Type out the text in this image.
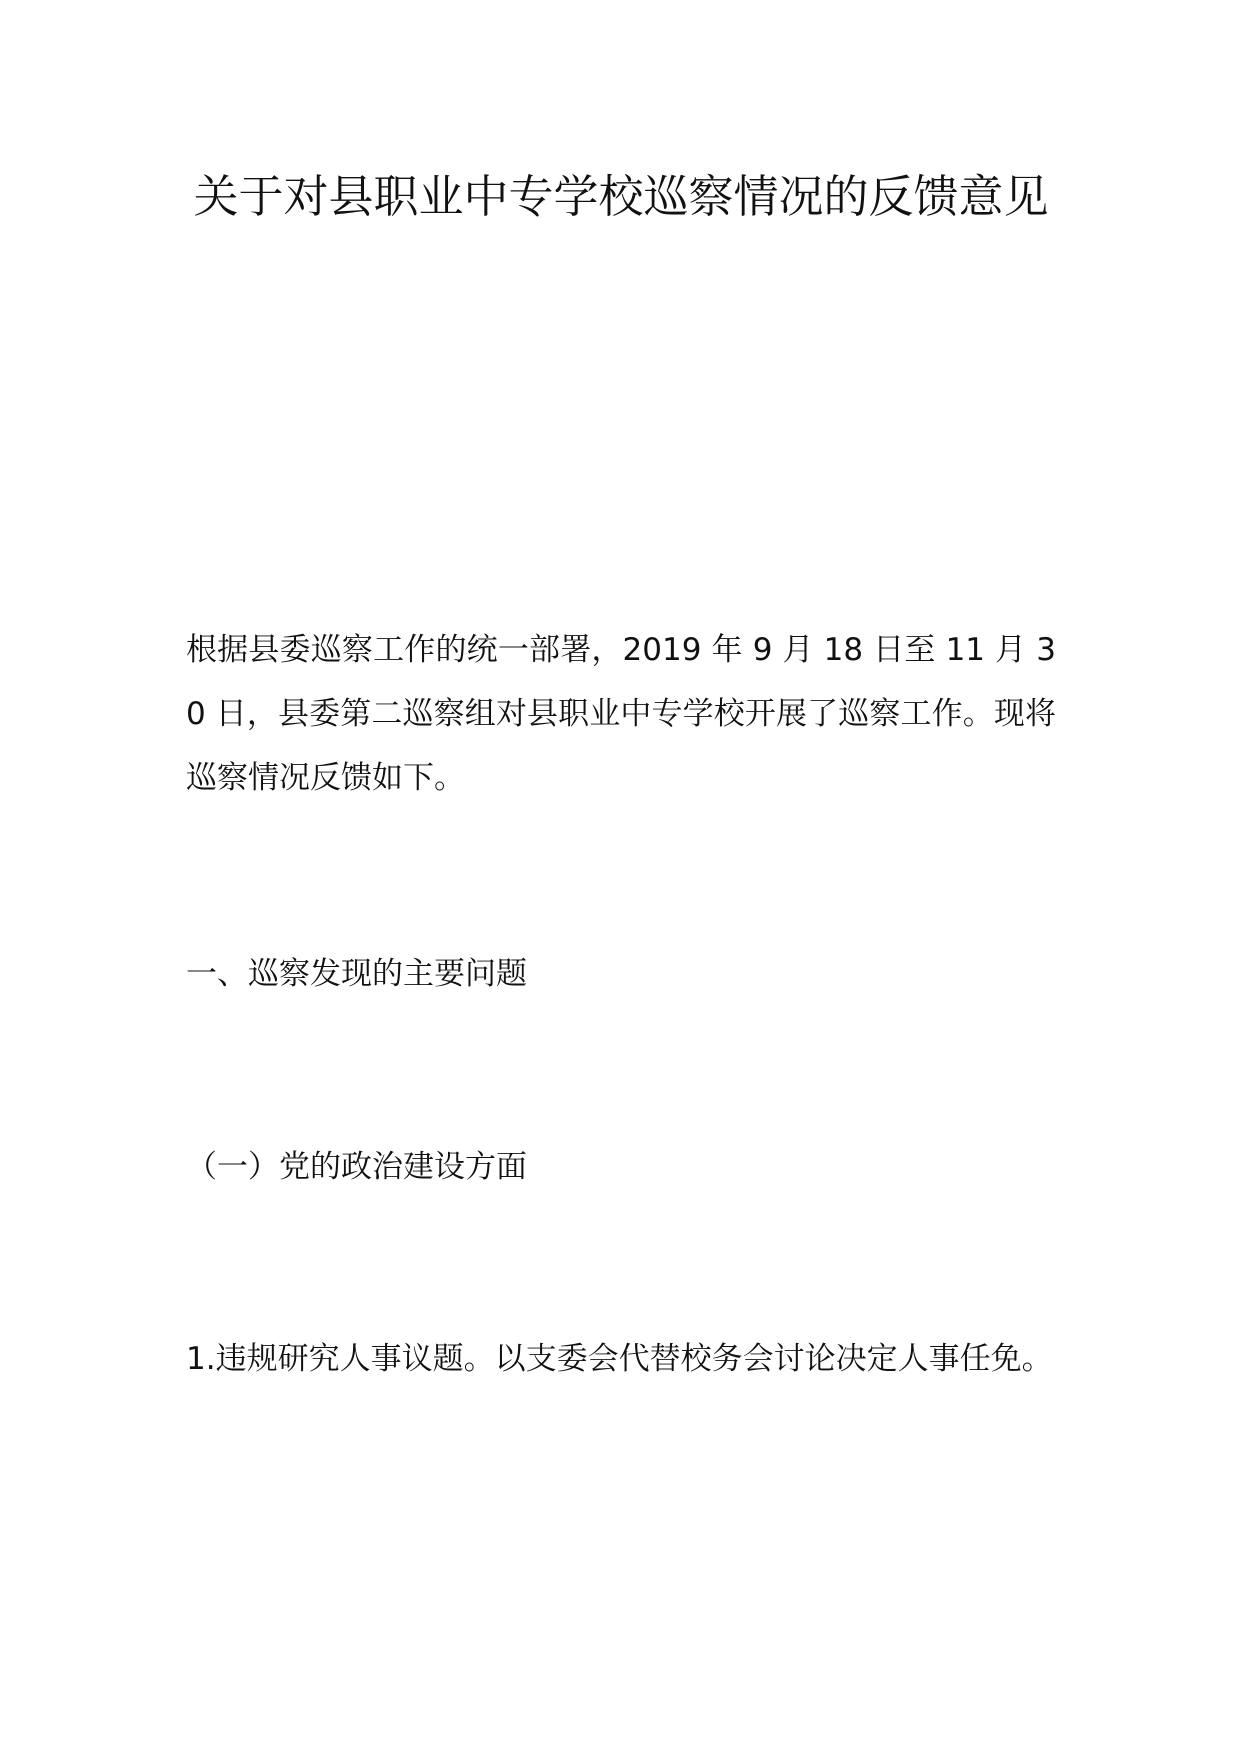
关于对县职业中专学校巡察情况的反馈意见

根据县委巡察工作的统一部署，2019 年 9 月 18 日至 11 月 30 日，县委第二巡察组对县职业中专学校开展了巡察工作。现将巡察情况反馈如下。

一、巡察发现的主要问题

（一）党的政治建设方面

1.违规研究人事议题。以支委会代替校务会讨论决定人事任免。
